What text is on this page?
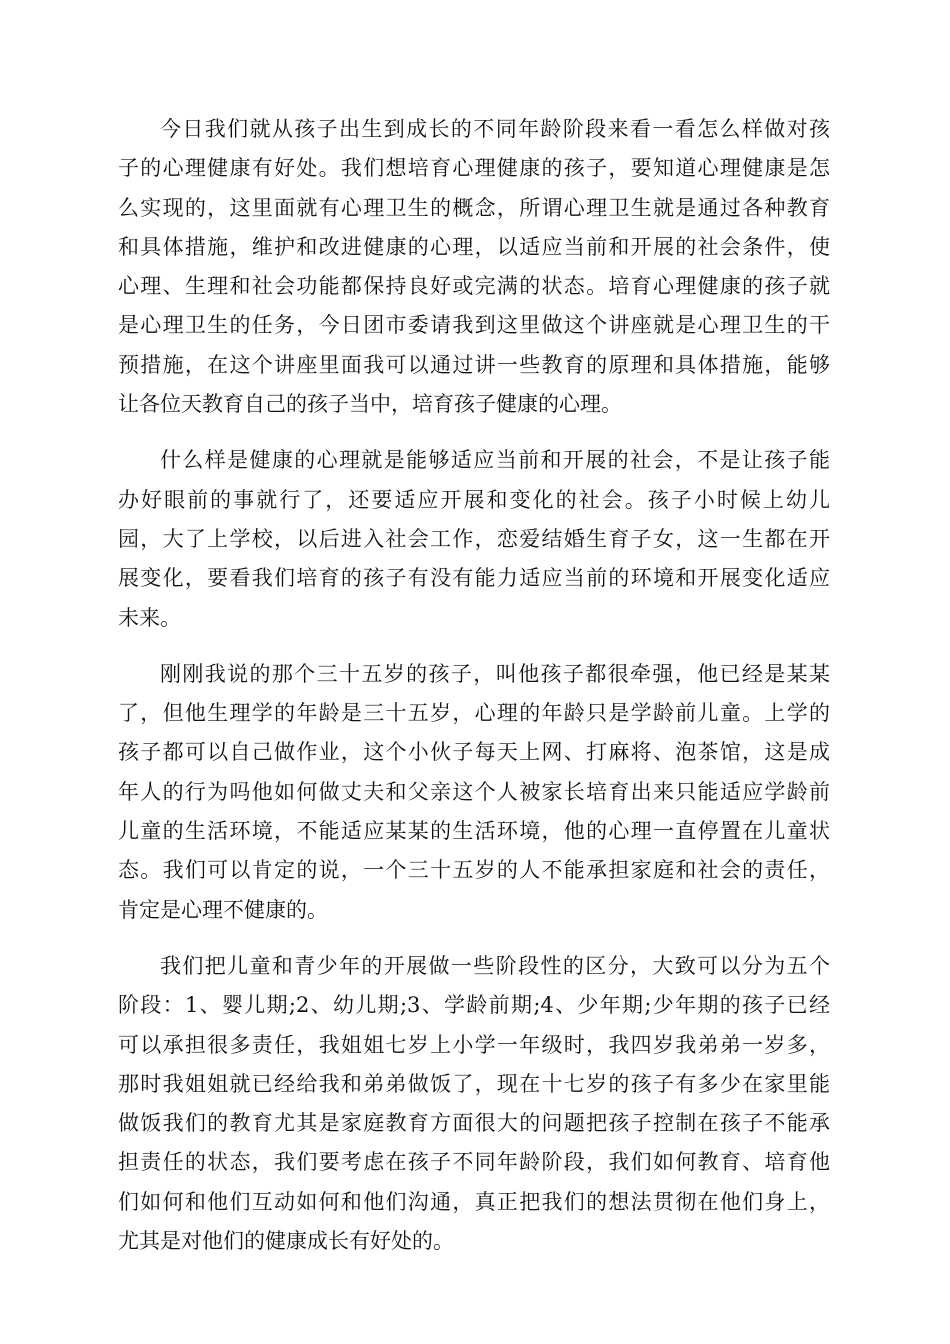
今日我们就从孩子出生到成长的不同年龄阶段来看一看怎么样做对孩
子的心理健康有好处。我们想培育心理健康的孩子，要知道心理健康是怎
么实现的，这里面就有心理卫生的概念，所谓心理卫生就是通过各种教育
和具体措施，维护和改进健康的心理，以适应当前和开展的社会条件，使
心理、生理和社会功能都保持良好或完满的状态。培育心理健康的孩子就
是心理卫生的任务，今日团市委请我到这里做这个讲座就是心理卫生的干
预措施，在这个讲座里面我可以通过讲一些教育的原理和具体措施，能够
让各位天教育自己的孩子当中，培育孩子健康的心理。
什么样是健康的心理就是能够适应当前和开展的社会，不是让孩子能
办好眼前的事就行了，还要适应开展和变化的社会。孩子小时候上幼儿
园，大了上学校，以后进入社会工作，恋爱结婚生育子女，这一生都在开
展变化，要看我们培育的孩子有没有能力适应当前的环境和开展变化适应
未来。
刚刚我说的那个三十五岁的孩子，叫他孩子都很牵强，他已经是某某
了，但他生理学的年龄是三十五岁，心理的年龄只是学龄前儿童。上学的
孩子都可以自己做作业，这个小伙子每天上网、打麻将、泡茶馆，这是成
年人的行为吗他如何做丈夫和父亲这个人被家长培育出来只能适应学龄前
儿童的生活环境，不能适应某某的生活环境，他的心理一直停置在儿童状
态。我们可以肯定的说，一个三十五岁的人不能承担家庭和社会的责任，
肯定是心理不健康的。
我们把儿童和青少年的开展做一些阶段性的区分，大致可以分为五个
阶段：1、婴儿期;2、幼儿期;3、学龄前期;4、少年期;少年期的孩子已经
可以承担很多责任，我姐姐七岁上小学一年级时，我四岁我弟弟一岁多，
那时我姐姐就已经给我和弟弟做饭了，现在十七岁的孩子有多少在家里能
做饭我们的教育尤其是家庭教育方面很大的问题把孩子控制在孩子不能承
担责任的状态，我们要考虑在孩子不同年龄阶段，我们如何教育、培育他
们如何和他们互动如何和他们沟通，真正把我们的想法贯彻在他们身上，
尤其是对他们的健康成长有好处的。
